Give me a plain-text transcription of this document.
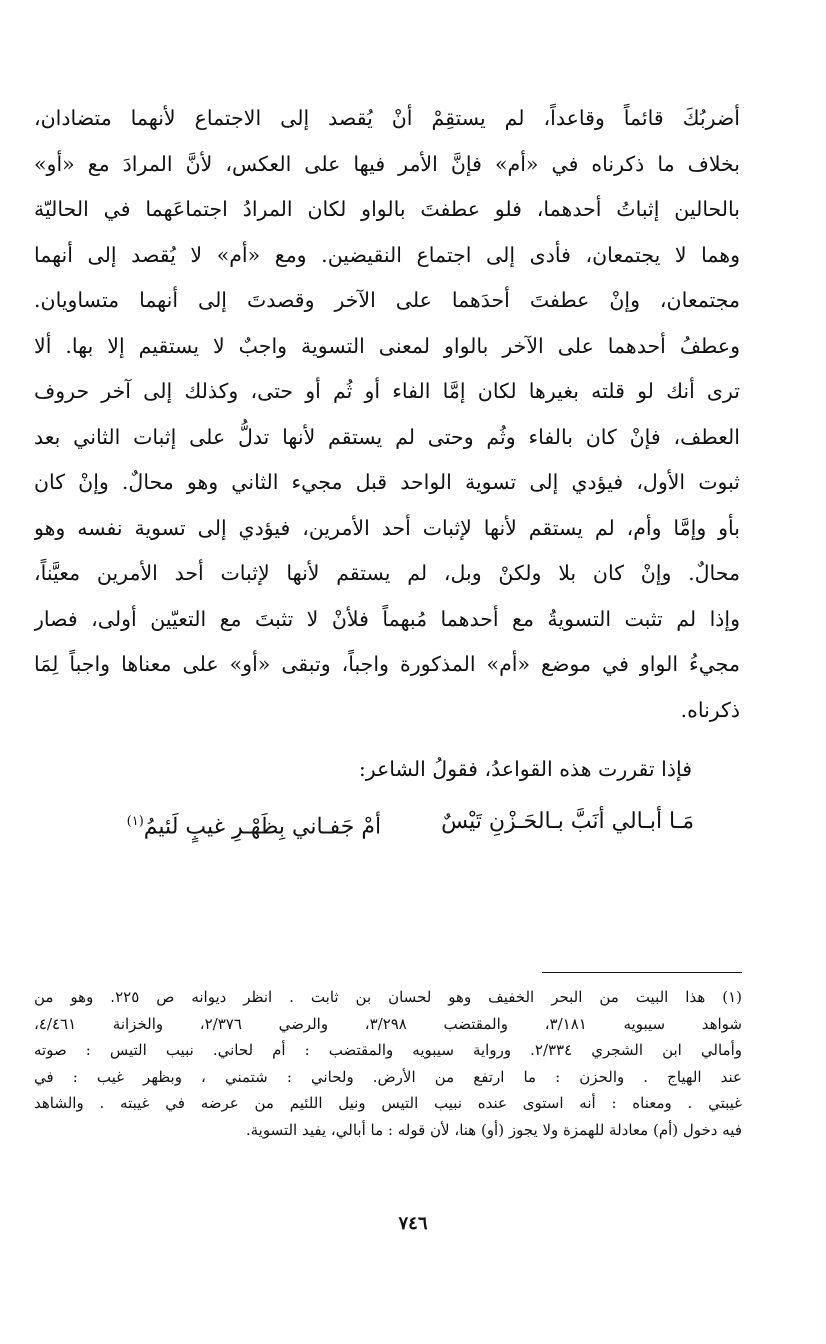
أضربُكَ قائماً وقاعداً، لم يستقِمْ أنْ يُقصد إلى الاجتماع لأنهما متضادان،
بخلاف ما ذكرناه في «أم» فإنَّ الأمر فيها على العكس، لأنَّ المرادَ مع «أو»
بالحالين إثباتُ أحدهما، فلو عطفتَ بالواو لكان المرادُ اجتماعَهما في الحاليّة
وهما لا يجتمعان، فأدى إلى اجتماع النقيضين. ومع «أم» لا يُقصد إلى أنهما
مجتمعان، وإنْ عطفتَ أحدَهما على الآخر وقصدتَ إلى أنهما متساويان.
وعطفُ أحدهما على الآخر بالواو لمعنى التسوية واجبٌ لا يستقيم إلا بها. ألا
ترى أنك لو قلته بغيرها لكان إمَّا الفاء أو ثُم أو حتى، وكذلك إلى آخر حروف
العطف، فإنْ كان بالفاء وثُم وحتى لم يستقم لأنها تدلُّ على إثبات الثاني بعد
ثبوت الأول، فيؤدي إلى تسوية الواحد قبل مجيء الثاني وهو محالٌ. وإنْ كان
بأو وإمَّا وأم، لم يستقم لأنها لإثبات أحد الأمرين، فيؤدي إلى تسوية نفسه وهو
محالٌ. وإنْ كان بلا ولكنْ وبل، لم يستقم لأنها لإثبات أحد الأمرين معيَّناً،
وإذا لم تثبت التسويةُ مع أحدهما مُبهماً فلأنْ لا تثبتَ مع التعيّين أولى، فصار
مجيءُ الواو في موضع «أم» المذكورة واجباً، وتبقى «أو» على معناها واجباً لِمَا
ذكرناه.
فإذا تقررت هذه القواعدُ، فقولُ الشاعر:
مَـا أبـالي أنَبَّ بـالحَـزْنِ تَيْسٌ
أمْ جَفـاني بِظَهْـرِ غيبٍ لَئيمُ$^{(١)}$
(١) هذا البيت من البحر الخفيف وهو لحسان بن ثابت . انظر ديوانه ص ٢٢٥. وهو من
شواهد سيبويه ٣/١٨١، والمقتضب ٣/٢٩٨، والرضي ٢/٣٧٦، والخزانة ٤/٤٦١،
وأمالي ابن الشجري ٢/٣٣٤. ورواية سيبويه والمقتضب : أم لحاني. نبيب التيس : صوته
عند الهياج . والحزن : ما ارتفع من الأرض. ولحاني : شتمني ، وبظهر غيب : في
غيبتي . ومعناه : أنه استوى عنده نبيب التيس ونيل اللئيم من عرضه في غيبته . والشاهد
فيه دخول (أم) معادلة للهمزة ولا يجوز (أو) هنا، لأن قوله : ما أبالي، يفيد التسوية.
٧٤٦
